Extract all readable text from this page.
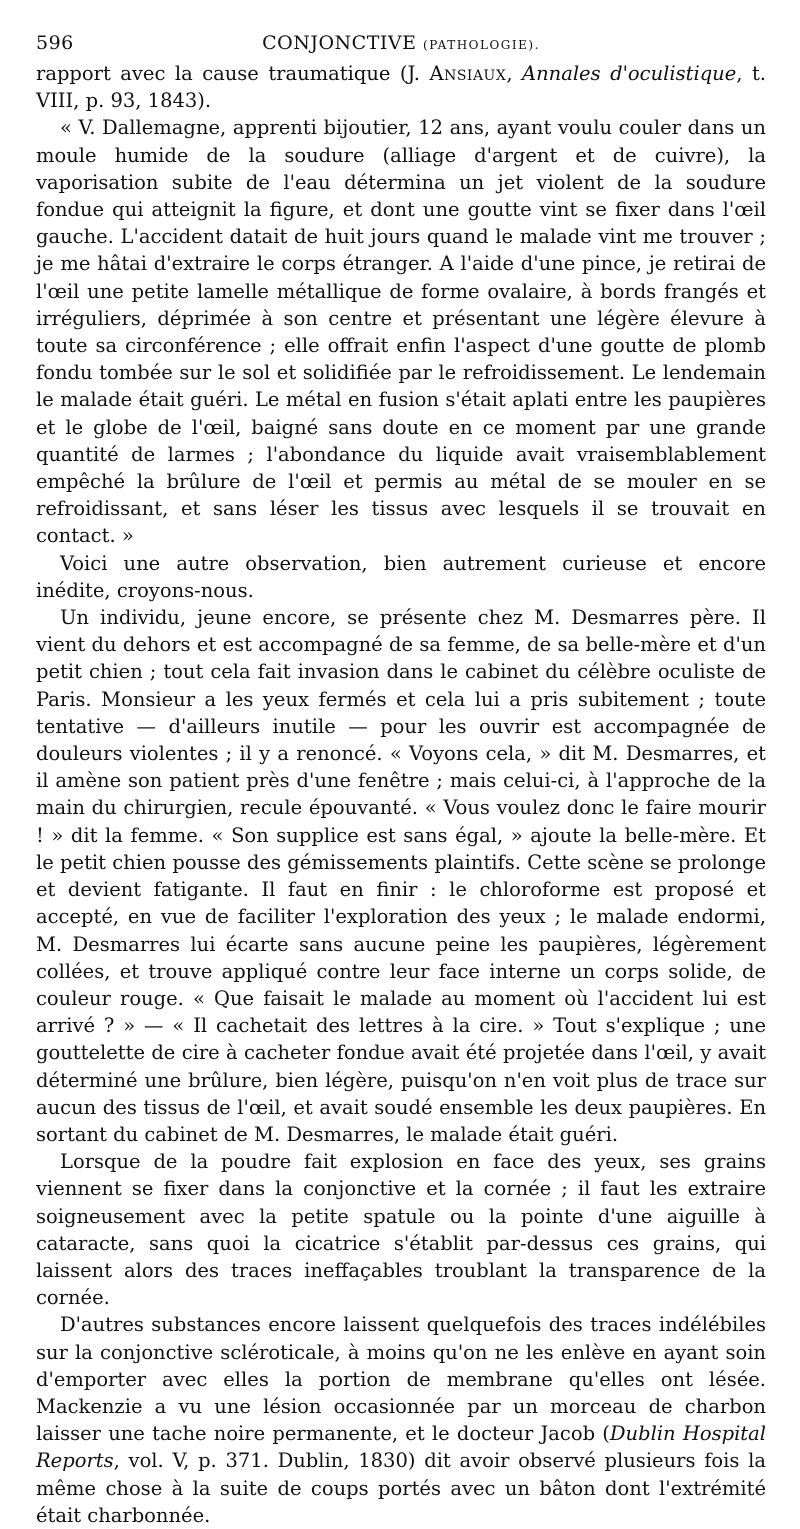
596	CONJONCTIVE (PATHOLOGIE).

rapport avec la cause traumatique (J. Ansiaux, Annales d'oculistique, t. VIII, p. 93, 1843).

« V. Dallemagne, apprenti bijoutier, 12 ans, ayant voulu couler dans un moule humide de la soudure (alliage d'argent et de cuivre), la vaporisation subite de l'eau détermina un jet violent de la soudure fondue qui atteignit la figure, et dont une goutte vint se fixer dans l'œil gauche. L'accident datait de huit jours quand le malade vint me trouver ; je me hâtai d'extraire le corps étranger. A l'aide d'une pince, je retirai de l'œil une petite lamelle métallique de forme ovalaire, à bords frangés et irréguliers, déprimée à son centre et présentant une légère élevure à toute sa circonférence ; elle offrait enfin l'aspect d'une goutte de plomb fondu tombée sur le sol et solidifiée par le refroidissement. Le lendemain le malade était guéri. Le métal en fusion s'était aplati entre les paupières et le globe de l'œil, baigné sans doute en ce moment par une grande quantité de larmes ; l'abondance du liquide avait vraisemblablement empêché la brûlure de l'œil et permis au métal de se mouler en se refroidissant, et sans léser les tissus avec lesquels il se trouvait en contact. »

Voici une autre observation, bien autrement curieuse et encore inédite, croyons-nous.

Un individu, jeune encore, se présente chez M. Desmarres père. Il vient du dehors et est accompagné de sa femme, de sa belle-mère et d'un petit chien ; tout cela fait invasion dans le cabinet du célèbre oculiste de Paris. Monsieur a les yeux fermés et cela lui a pris subitement ; toute tentative — d'ailleurs inutile — pour les ouvrir est accompagnée de douleurs violentes ; il y a renoncé. « Voyons cela, » dit M. Desmarres, et il amène son patient près d'une fenêtre ; mais celui-ci, à l'approche de la main du chirurgien, recule épouvanté. « Vous voulez donc le faire mourir ! » dit la femme. « Son supplice est sans égal, » ajoute la belle-mère. Et le petit chien pousse des gémissements plaintifs. Cette scène se prolonge et devient fatigante. Il faut en finir : le chloroforme est proposé et accepté, en vue de faciliter l'exploration des yeux ; le malade endormi, M. Desmarres lui écarte sans aucune peine les paupières, légèrement collées, et trouve appliqué contre leur face interne un corps solide, de couleur rouge. « Que faisait le malade au moment où l'accident lui est arrivé ? » — « Il cachetait des lettres à la cire. » Tout s'explique ; une gouttelette de cire à cacheter fondue avait été projetée dans l'œil, y avait déterminé une brûlure, bien légère, puisqu'on n'en voit plus de trace sur aucun des tissus de l'œil, et avait soudé ensemble les deux paupières. En sortant du cabinet de M. Desmarres, le malade était guéri.

Lorsque de la poudre fait explosion en face des yeux, ses grains viennent se fixer dans la conjonctive et la cornée ; il faut les extraire soigneusement avec la petite spatule ou la pointe d'une aiguille à cataracte, sans quoi la cicatrice s'établit par-dessus ces grains, qui laissent alors des traces ineffaçables troublant la transparence de la cornée.

D'autres substances encore laissent quelquefois des traces indélébiles sur la conjonctive scléroticale, à moins qu'on ne les enlève en ayant soin d'emporter avec elles la portion de membrane qu'elles ont lésée. Mackenzie a vu une lésion occasionnée par un morceau de charbon laisser une tache noire permanente, et le docteur Jacob (Dublin Hospital Reports, vol. V, p. 371. Dublin, 1830) dit avoir observé plusieurs fois la même chose à la suite de coups portés avec un bâton dont l'extrémité était charbonnée.
